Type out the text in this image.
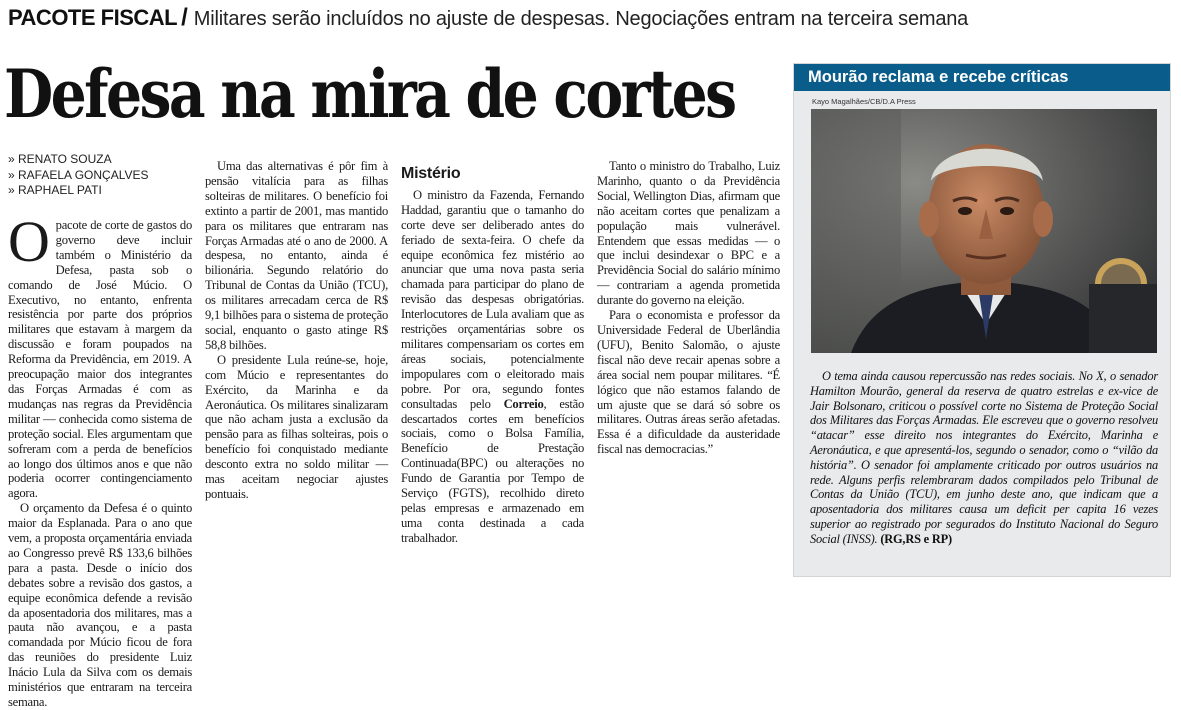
PACOTE FISCAL / Militares serão incluídos no ajuste de despesas. Negociações entram na terceira semana
Defesa na mira de cortes
» RENATO SOUZA
» RAFAELA GONÇALVES
» RAPHAEL PATI

Opacote de corte de gastos do governo deve incluir também o Ministério da Defesa, pasta sob o comando de José Múcio. O Executivo, no entanto, enfrenta resistência por parte dos próprios militares que estavam à margem da discussão e foram poupados na Reforma da Previdência, em 2019. A preocupação maior dos integrantes das Forças Armadas é com as mudanças nas regras da Previdência militar — conhecida como sistema de proteção social. Eles argumentam que sofreram com a perda de benefícios ao longo dos últimos anos e que não poderia ocorrer contingenciamento agora.

O orçamento da Defesa é o quinto maior da Esplanada. Para o ano que vem, a proposta orçamentária enviada ao Congresso prevê R$ 133,6 bilhões para a pasta. Desde o início dos debates sobre a revisão dos gastos, a equipe econômica defende a revisão da aposentadoria dos militares, mas a pauta não avançou, e a pasta comandada por Múcio ficou de fora das reuniões do presidente Luiz Inácio Lula da Silva com os demais ministérios que entraram na terceira semana.

Uma das alternativas é pôr fim à pensão vitalícia para as filhas solteiras de militares. O benefício foi extinto a partir de 2001, mas mantido para os militares que entraram nas Forças Armadas até o ano de 2000. A despesa, no entanto, ainda é bilionária. Segundo relatório do Tribunal de Contas da União (TCU), os militares arrecadam cerca de R$ 9,1 bilhões para o sistema de proteção social, enquanto o gasto atinge R$ 58,8 bilhões.

O presidente Lula reúne-se, hoje, com Múcio e representantes do Exército, da Marinha e da Aeronáutica. Os militares sinalizaram que não acham justa a exclusão da pensão para as filhas solteiras, pois o benefício foi conquistado mediante desconto extra no soldo militar — mas aceitam negociar ajustes pontuais.

Mistério

O ministro da Fazenda, Fernando Haddad, garantiu que o tamanho do corte deve ser deliberado antes do feriado de sexta-feira. O chefe da equipe econômica fez mistério ao anunciar que uma nova pasta seria chamada para participar do plano de revisão das despesas obrigatórias. Interlocutores de Lula avaliam que as restrições orçamentárias sobre os militares compensariam os cortes em áreas sociais, potencialmente impopulares com o eleitorado mais pobre. Por ora, segundo fontes consultadas pelo Correio, estão descartados cortes em benefícios sociais, como o Bolsa Família, Benefício de Prestação Continuada(BPC) ou alterações no Fundo de Garantia por Tempo de Serviço (FGTS), recolhido direto pelas empresas e armazenado em uma conta destinada a cada trabalhador.

Tanto o ministro do Trabalho, Luiz Marinho, quanto o da Previdência Social, Wellington Dias, afirmam que não aceitam cortes que penalizam a população mais vulnerável. Entendem que essas medidas — o que inclui desindexar o BPC e a Previdência Social do salário mínimo — contrariam a agenda prometida durante do governo na eleição.

Para o economista e professor da Universidade Federal de Uberlândia (UFU), Benito Salomão, o ajuste fiscal não deve recair apenas sobre a área social nem poupar militares. “É lógico que não estamos falando de um ajuste que se dará só sobre os militares. Outras áreas serão afetadas. Essa é a dificuldade da austeridade fiscal nas democracias.”

Mourão reclama e recebe críticas
Kayo Magalhães/CB/D.A Press

O tema ainda causou repercussão nas redes sociais. No X, o senador Hamilton Mourão, general da reserva de quatro estrelas e ex-vice de Jair Bolsonaro, criticou o possível corte no Sistema de Proteção Social dos Militares das Forças Armadas. Ele escreveu que o governo resolveu “atacar” esse direito nos integrantes do Exército, Marinha e Aeronáutica, e que apresentá-los, segundo o senador, como o “vilão da história”. O senador foi amplamente criticado por outros usuários na rede. Alguns perfis relembraram dados compilados pelo Tribunal de Contas da União (TCU), em junho deste ano, que indicam que a aposentadoria dos militares causa um deficit per capita 16 vezes superior ao registrado por segurados do Instituto Nacional do Seguro Social (INSS). (RG,RS e RP)
